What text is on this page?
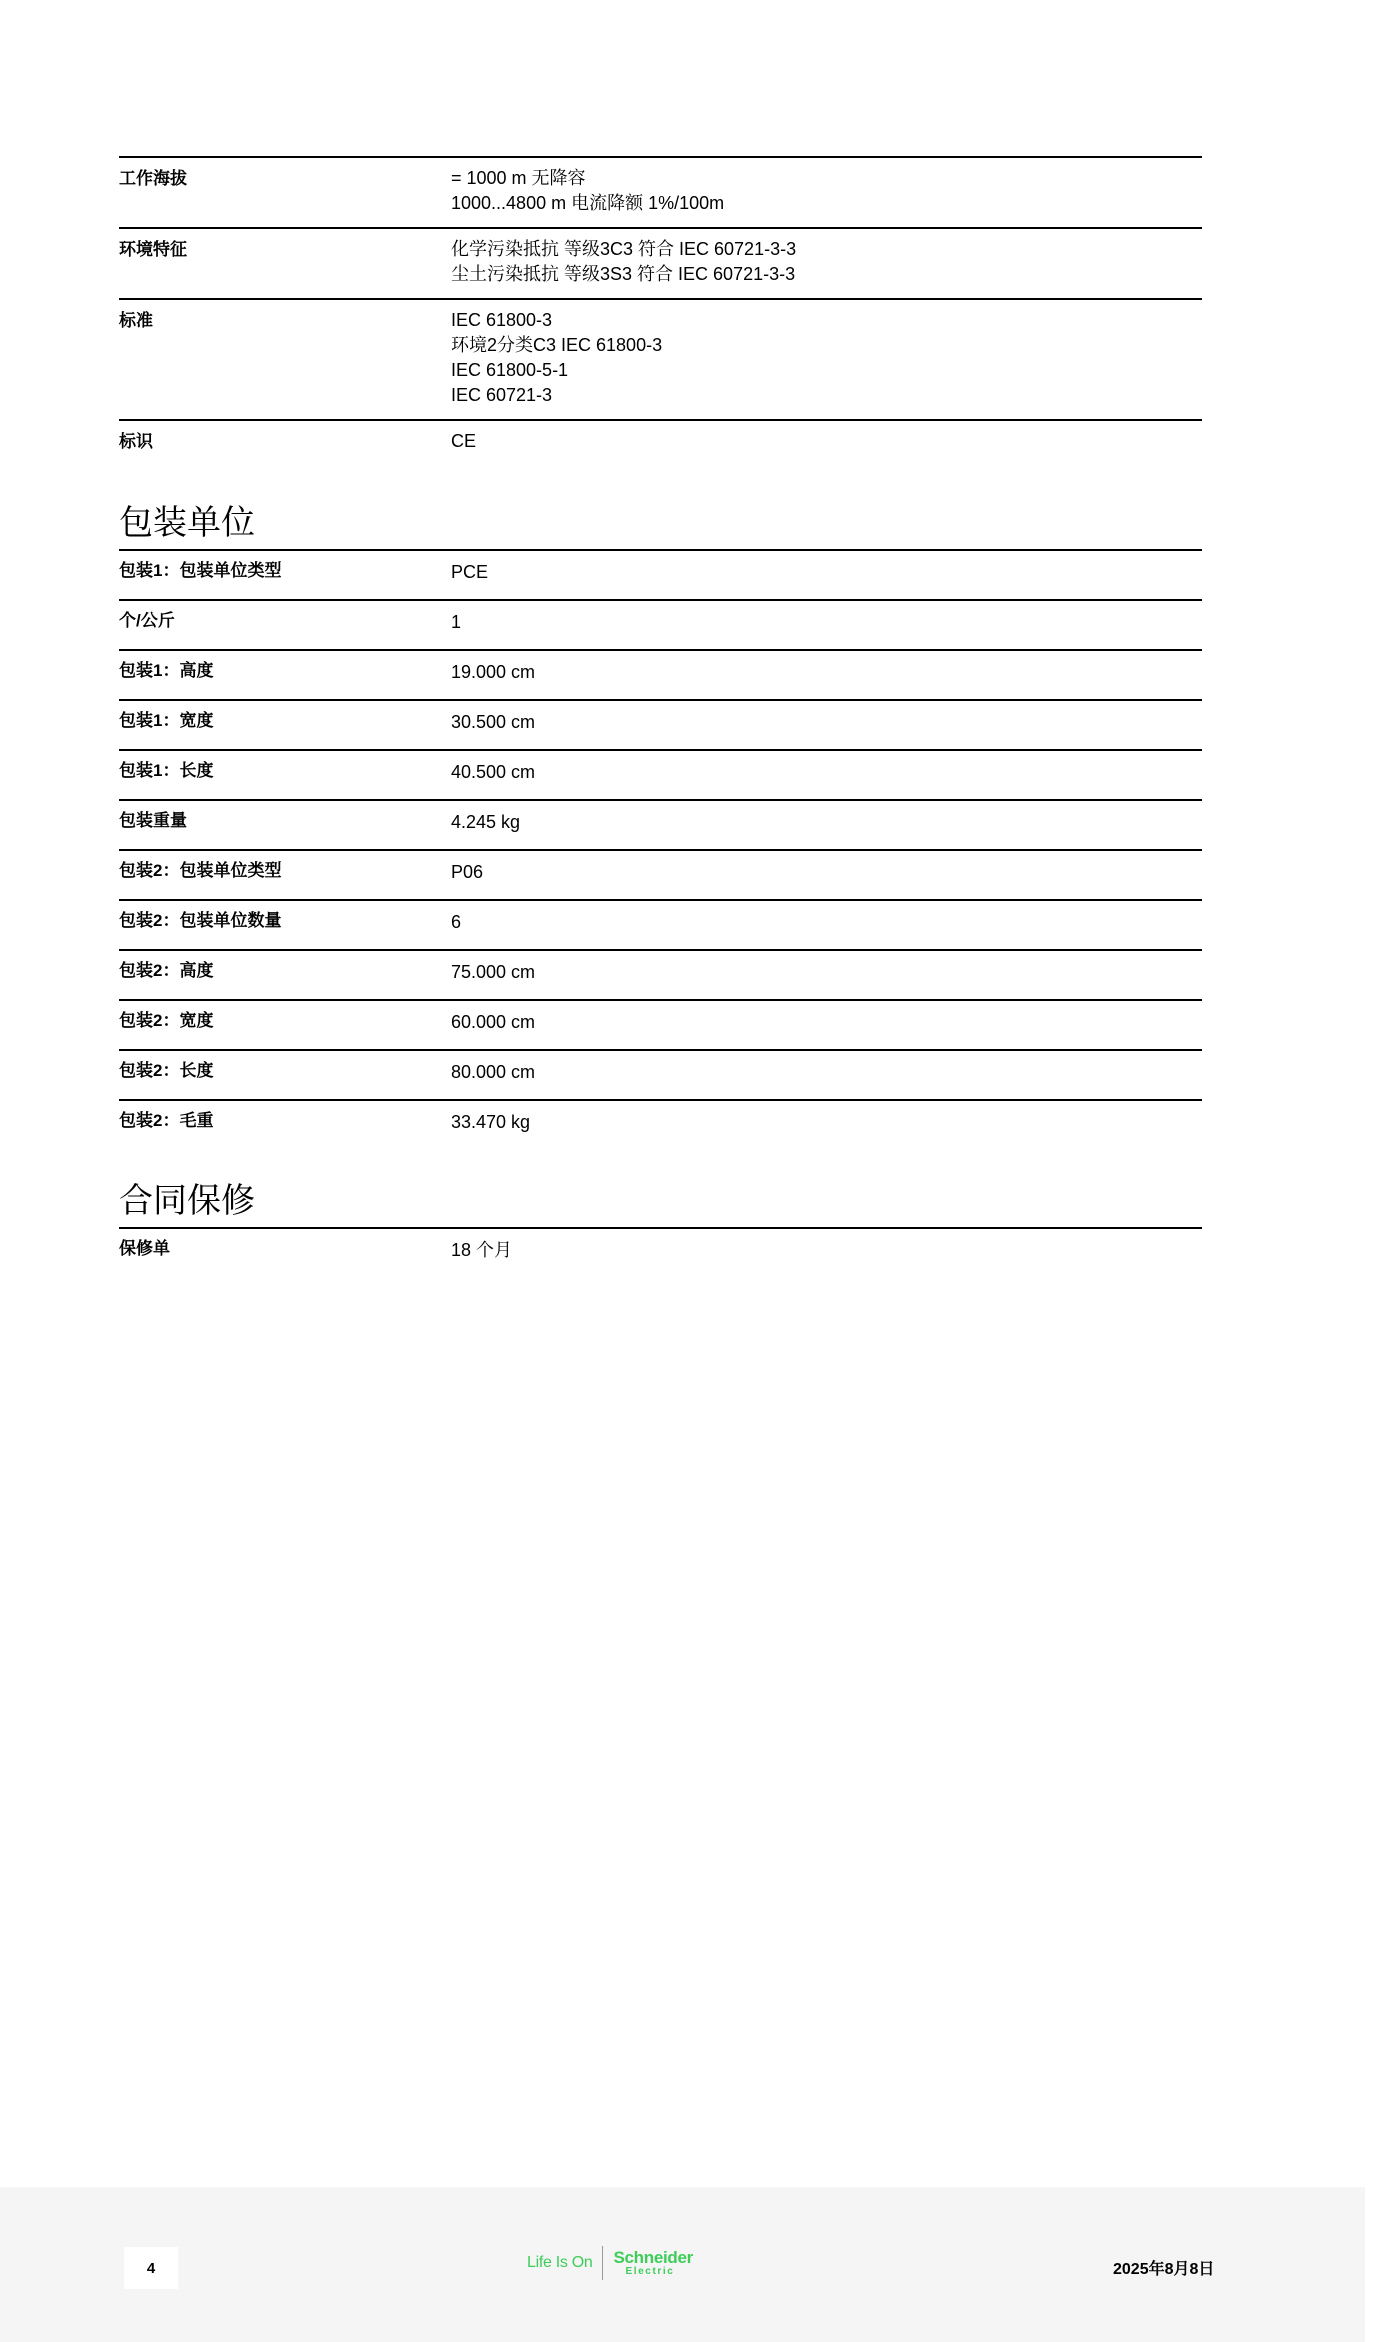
工作海拔	= 1000 m 无降容
1000...4800 m 电流降额 1%/100m
环境特征	化学污染抵抗 等级3C3 符合 IEC 60721-3-3
尘土污染抵抗 等级3S3 符合 IEC 60721-3-3
标准	IEC 61800-3
环境2分类C3 IEC 61800-3
IEC 61800-5-1
IEC 60721-3
标识	CE
包装单位
包装1：包装单位类型	PCE
个/公斤	1
包装1：高度	19.000 cm
包装1：宽度	30.500 cm
包装1：长度	40.500 cm
包装重量	4.245 kg
包装2：包装单位类型	P06
包装2：包装单位数量	6
包装2：高度	75.000 cm
包装2：宽度	60.000 cm
包装2：长度	80.000 cm
包装2：毛重	33.470 kg
合同保修
保修单	18 个月
4	Life Is On Schneider
Electric	2025年8月8日
